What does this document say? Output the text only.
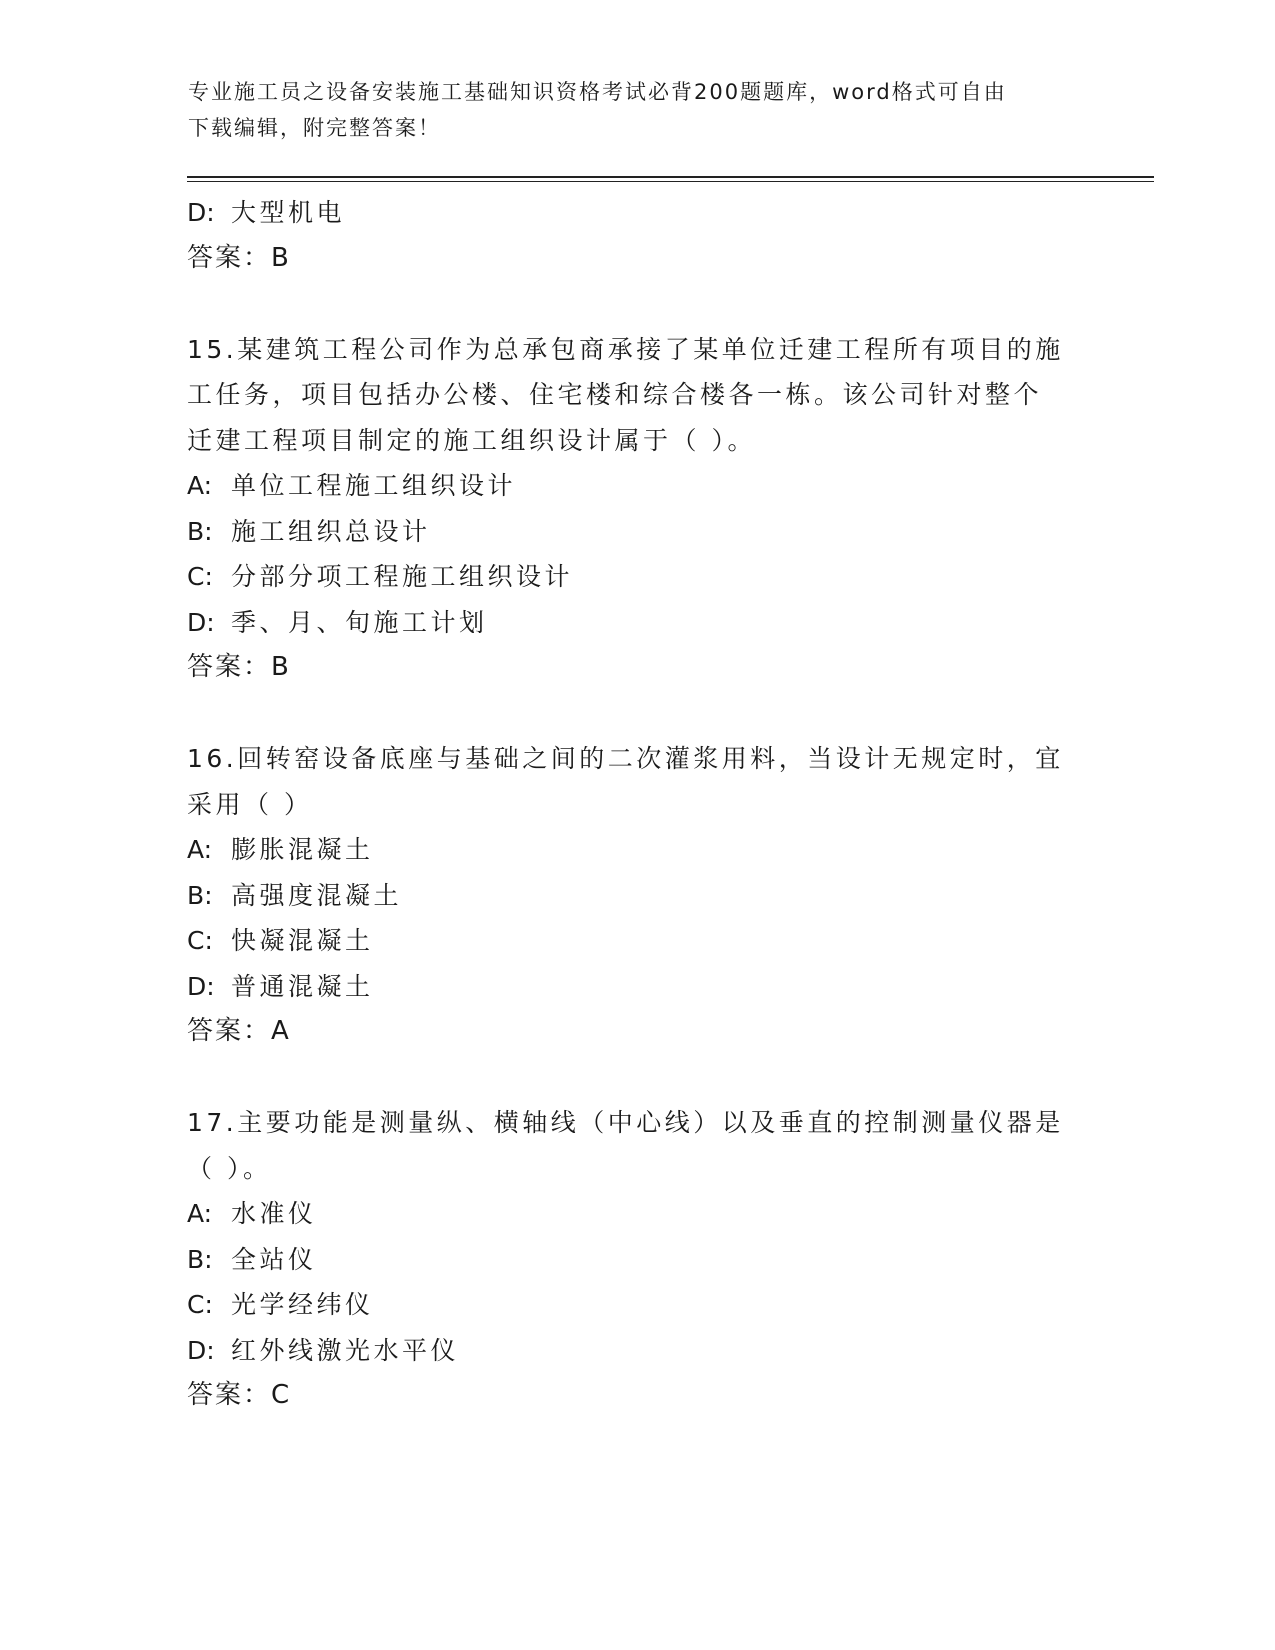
专业施工员之设备安装施工基础知识资格考试必背200题题库，word格式可自由
下载编辑，附完整答案！
D: 大型机电
答案：B
15.某建筑工程公司作为总承包商承接了某单位迁建工程所有项目的施
工任务，项目包括办公楼、住宅楼和综合楼各一栋。该公司针对整个
迁建工程项目制定的施工组织设计属于（ ）。
A: 单位工程施工组织设计
B: 施工组织总设计
C: 分部分项工程施工组织设计
D: 季、月、旬施工计划
答案：B
16.回转窑设备底座与基础之间的二次灌浆用料，当设计无规定时，宜
采用（ ）
A: 膨胀混凝土
B: 高强度混凝土
C: 快凝混凝土
D: 普通混凝土
答案：A
17.主要功能是测量纵、横轴线（中心线）以及垂直的控制测量仪器是
（ ）。
A: 水准仪
B: 全站仪
C: 光学经纬仪
D: 红外线激光水平仪
答案：C
